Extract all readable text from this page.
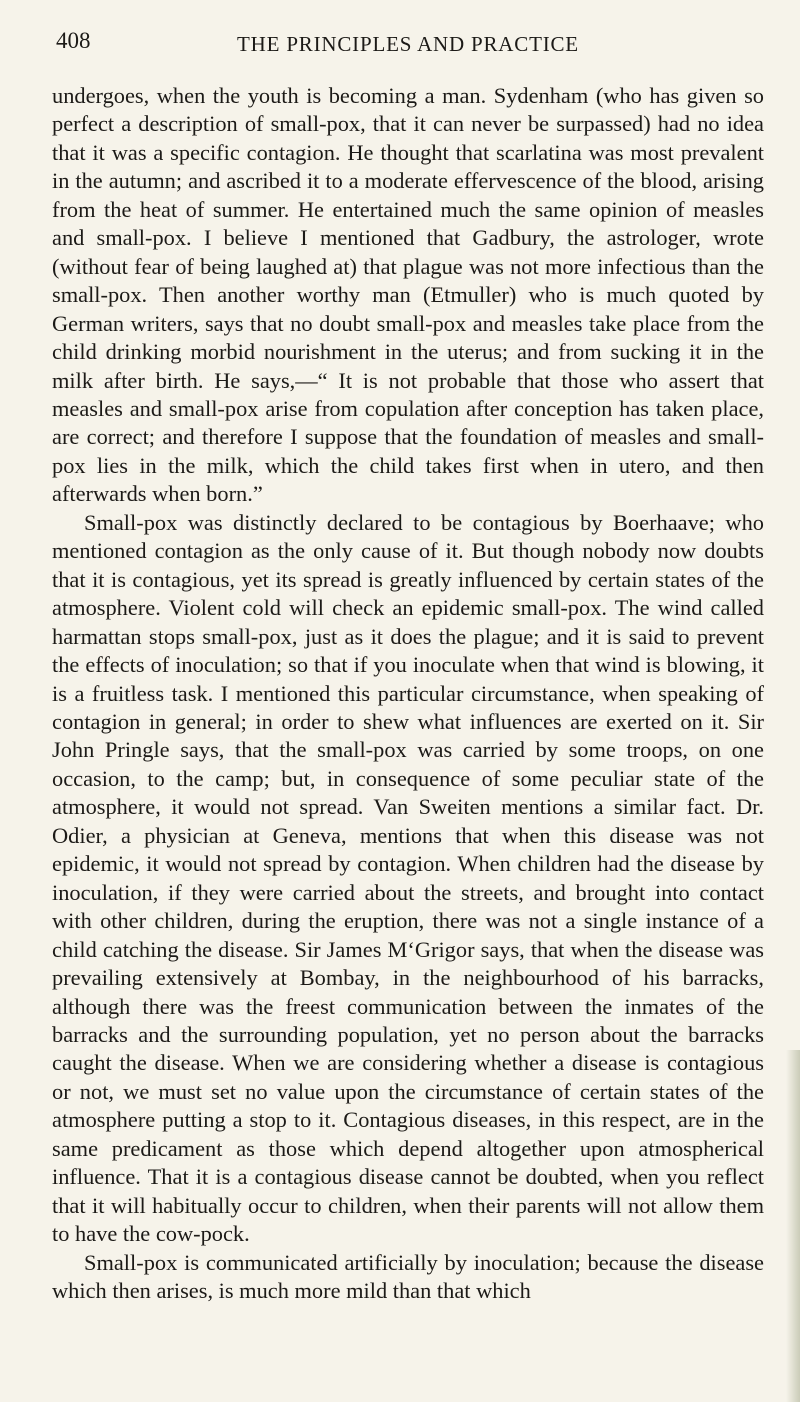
408	THE PRINCIPLES AND PRACTICE

undergoes, when the youth is becoming a man. Sydenham (who has given so perfect a description of small-pox, that it can never be surpassed) had no idea that it was a specific contagion. He thought that scarlatina was most prevalent in the autumn; and ascribed it to a moderate effervescence of the blood, arising from the heat of summer. He entertained much the same opinion of measles and small-pox. I believe I mentioned that Gadbury, the astrologer, wrote (without fear of being laughed at) that plague was not more infectious than the small-pox. Then another worthy man (Etmuller) who is much quoted by German writers, says that no doubt small-pox and measles take place from the child drinking morbid nourishment in the uterus; and from sucking it in the milk after birth. He says,—“ It is not probable that those who assert that measles and small-pox arise from copulation after conception has taken place, are correct; and therefore I suppose that the foundation of measles and small-pox lies in the milk, which the child takes first when in utero, and then afterwards when born.”

Small-pox was distinctly declared to be contagious by Boerhaave; who mentioned contagion as the only cause of it. But though nobody now doubts that it is contagious, yet its spread is greatly influenced by certain states of the atmosphere. Violent cold will check an epidemic small-pox. The wind called harmattan stops small-pox, just as it does the plague; and it is said to prevent the effects of inoculation; so that if you inoculate when that wind is blowing, it is a fruitless task. I mentioned this particular circumstance, when speaking of contagion in general; in order to shew what influences are exerted on it. Sir John Pringle says, that the small-pox was carried by some troops, on one occasion, to the camp; but, in consequence of some peculiar state of the atmosphere, it would not spread. Van Sweiten mentions a similar fact. Dr. Odier, a physician at Geneva, mentions that when this disease was not epidemic, it would not spread by contagion. When children had the disease by inoculation, if they were carried about the streets, and brought into contact with other children, during the eruption, there was not a single instance of a child catching the disease. Sir James M‘Grigor says, that when the disease was prevailing extensively at Bombay, in the neighbourhood of his barracks, although there was the freest communication between the inmates of the barracks and the surrounding population, yet no person about the barracks caught the disease. When we are considering whether a disease is contagious or not, we must set no value upon the circumstance of certain states of the atmosphere putting a stop to it. Contagious diseases, in this respect, are in the same predicament as those which depend altogether upon atmospherical influence. That it is a contagious disease cannot be doubted, when you reflect that it will habitually occur to children, when their parents will not allow them to have the cow-pock.

Small-pox is communicated artificially by inoculation; because the disease which then arises, is much more mild than that which
